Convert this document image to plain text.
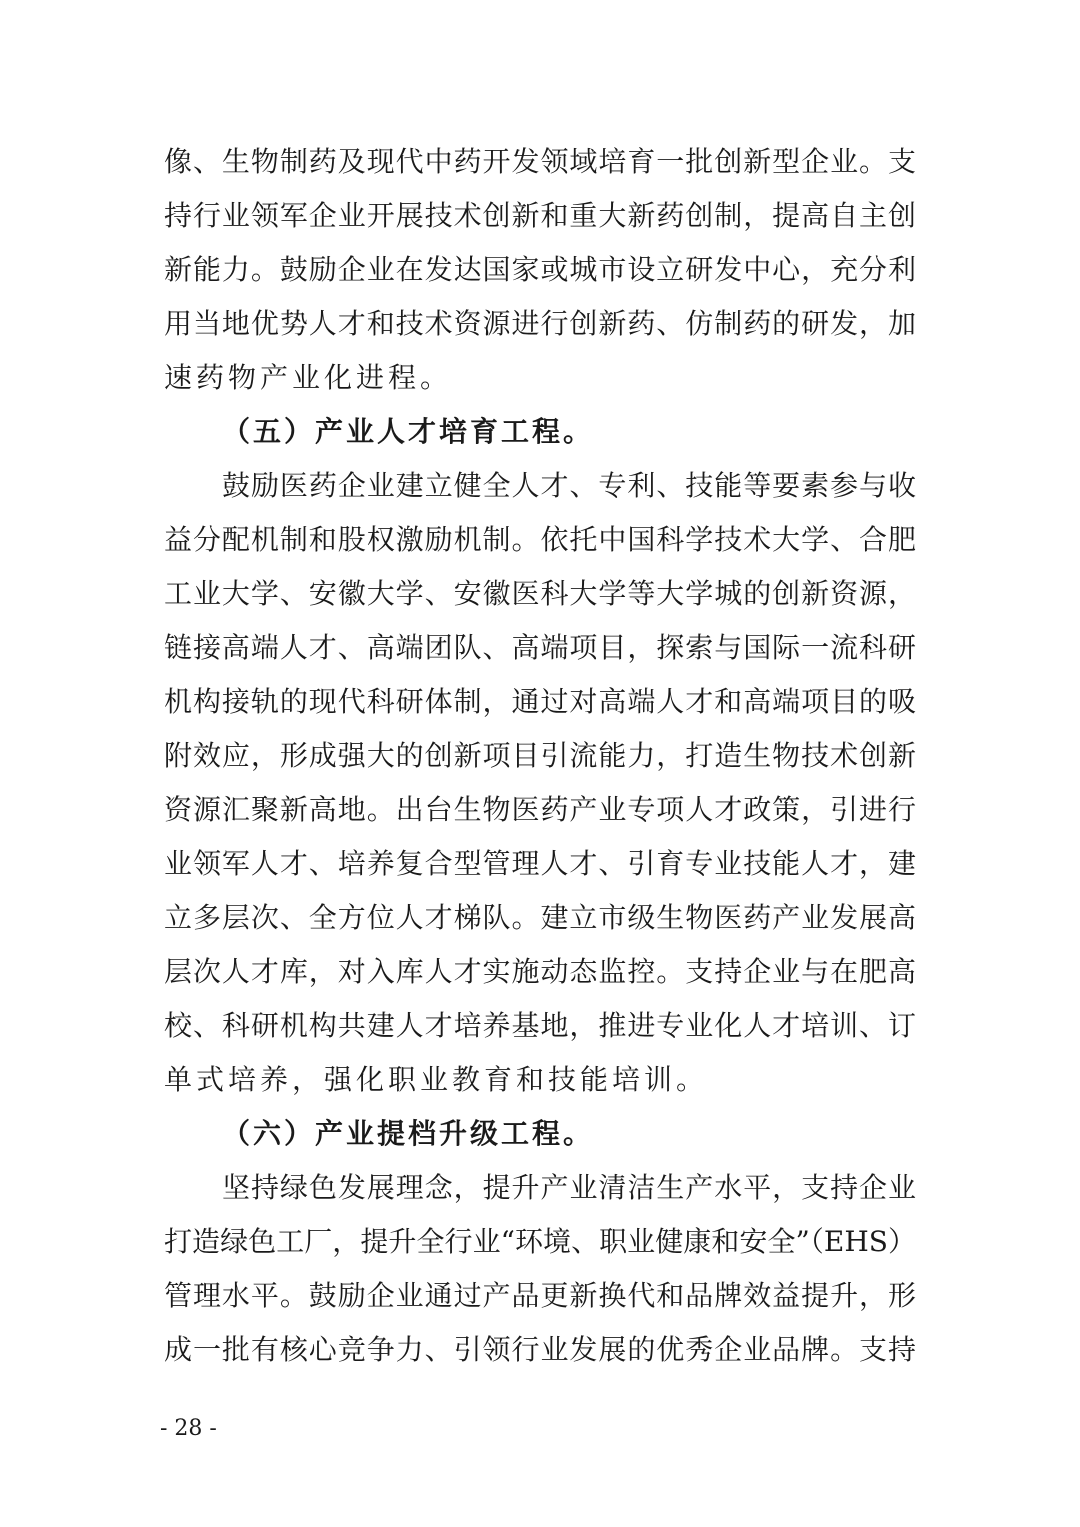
像、生物制药及现代中药开发领域培育一批创新型企业。支
持行业领军企业开展技术创新和重大新药创制，提高自主创
新能力。鼓励企业在发达国家或城市设立研发中心，充分利
用当地优势人才和技术资源进行创新药、仿制药的研发，加
速药物产业化进程。
（五）产业人才培育工程。
鼓励医药企业建立健全人才、专利、技能等要素参与收
益分配机制和股权激励机制。依托中国科学技术大学、合肥
工业大学、安徽大学、安徽医科大学等大学城的创新资源，
链接高端人才、高端团队、高端项目，探索与国际一流科研
机构接轨的现代科研体制，通过对高端人才和高端项目的吸
附效应，形成强大的创新项目引流能力，打造生物技术创新
资源汇聚新高地。出台生物医药产业专项人才政策，引进行
业领军人才、培养复合型管理人才、引育专业技能人才，建
立多层次、全方位人才梯队。建立市级生物医药产业发展高
层次人才库，对入库人才实施动态监控。支持企业与在肥高
校、科研机构共建人才培养基地，推进专业化人才培训、订
单式培养，强化职业教育和技能培训。
（六）产业提档升级工程。
坚持绿色发展理念，提升产业清洁生产水平，支持企业
打造绿色工厂，提升全行业“环境、职业健康和安全”（EHS）
管理水平。鼓励企业通过产品更新换代和品牌效益提升，形
成一批有核心竞争力、引领行业发展的优秀企业品牌。支持
- 28 -
